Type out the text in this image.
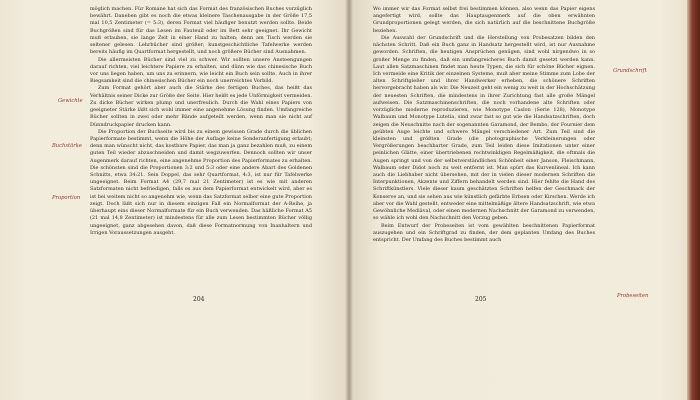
möglich machen. Für Romane hat sich das Format des französischen Buches vorzüglich bewährt. Daneben gibt es noch die etwas kleinere Taschenausgabe in der Größe 17,5 mal 10,5 Zentimeter (= 5:3), deren Format viel häufiger benutzt werden sollte. Beide Buchgrößen sind für das Lesen im Fauteuil oder im Bett sehr geeignet. Ihr Gewicht muß erlauben, sie lange Zeit in einer Hand zu halten; denn am Tisch werden sie seltener gelesen. Lehrbücher sind größer; kunstgeschichtliche Tafelwerke werden bereits häufig im Quartformat hergestellt, und noch größere Bücher sind Ausnahmen.

Die allermeisten Bücher sind viel zu schwer. Wir sollten unsere Ansteengungen darauf richten, viel leichtere Papiere zu erhalten, und dünn wie das chinesische Buch vor uns liegen haben, um uns zu erinnern, wie leicht ein Buch sein sollte. Auch in ihrer Biegsamkeit sind die chinesischen Bücher ein noch unerreichtes Vorbild.

Zum Format gehört aber auch die Stärke des fertigen Buches, das heißt das Verhältnis seiner Dicke zur Größe der Seite. Hier heißt es jede Unförmigkeit vermeiden. Zu dicke Bücher wirken plump und unerfreulich. Durch die Wahl eines Papiers von geeigneter Stärke läßt sich wohl immer eine angenehme Lösung finden. Umfangreiche Bücher sollten in zwei oder mehr Bände aufgeteilt werden, wenn man sie nicht auf Dünndruckpapier drucken kann.

Die Proportion der Buchseite wird bis zu einem gewissen Grade durch die üblichen Papierformate bestimmt, wenn die Höhe der Auflage keine Sonderanfertigung erlaubt; denn man wünscht nicht, das kostbare Papier, das man ja ganz bezahlen muß, zu einem guten Teil wieder abzuschneiden und damit wegzuwerfen. Dennoch sollten wir unser Augenmerk darauf richten, eine angenehme Proportion des Papierformates zu erhalten. Die schönsten sind die Proportionen 3:2 und 5:3 oder eine andere Abart des Goldenen Schnitts, etwa 34:21. Sein Doppel, das sehr Quartformat, 4:3, ist nur für Tafelwerke ungeeignet. Beim Format A4 (29,7 mal 21 Zentimeter) ist es wie mit anderen Satzformaten nicht befriedigen, falls es aus dem Papierformat entwickelt wird, aber es ist bei weitem nicht so angenehm wie, wenn das Satzformat selber eine gute Proportion zeigt. Doch läßt sich nur in diesem einzigen Fall ein Normalformat der A-Reihe, ja überhaupt eins dieser Normalformate für ein Buch verwenden. Das häßliche Format A5 (21 mal 14,8 Zentimeter) ist mindestens für alle zum Lesen bestimmten Bücher völlig ungeeignet, ganz abgesehen davon, daß diese Formatnormung von Inanhaltern und Irrigen Voraussetzungen ausgeht.

Gewichte
Buchstärke
Proportion
204

Wo immer wir das Format selbst frei bestimmen können, also wenn das Papier eigens angefertigt wird, sollte das Hauptaugenmerk auf die oben erwähnten Grundproportionen gelegt werden, die sich natürlich auf die beschnittene Buchgröße beziehen.

Die Auswahl der Grundschrift und die Herstellung von Probesatzen bilden den nächsten Schritt. Daß ein Buch ganz in Handsatz hergestellt wird, ist nur Ausnahme geworden. Schriften, die heutigen Ansprüchen genügen, sind wohl nirgendwo in so großer Menge zu finden, daß ein umfangreicheres Buch damit gesetzt werden kann. Laut allen Satzmaschinen findet man heute Typen, die sich für schöne Bücher eignen. Ich vermeide eine Kritik der einzelnen Systeme, muß aber meine Stimme zum Lobe der alten Schriftgießer und ihrer Handwerker erheben, die schönere Schriften hervorgebracht haben als wir. Die Neuzeit geht ein wenig zu weit in der Hochschätzung der neuesten Schriften, die mindestens in ihrer Zurichtung fast alle große Mängel aufweisen. Die Satzmaschinenschriften, die noch vorhandene alte Schriften oder vorzügliche moderne reproduzieren, wie Monotype Caslon (Serie 128), Monotype Walbaum und Monotype Lutetia, sind zwar fast so gut wie die Handsatzschriften, doch zeigen die Neuschnitte nach der sogenannten Garamond, der Bembo, der Fournier dem geübten Auge leichte und schwere Mängel verschiedener Art. Zum Teil sind die kleinsten und größten Grade (die photographische Verkleinerungen oder Vergrößerungen beachbarter Grade, zum Teil leiden diese Imitationen unter einer peinlichen Glätte, einer übertriebenen rechtwinkligen Regelmäßigkeit, die oftmals die Augen springt und von der selbstverständlichen Schönheit einer Janson, Fleischmann, Walbaum oder Didot noch zu weit entfernt ist. Man spürt das Kurvenlineal. Ich kann auch die Liebhaber nicht übersehen, mit der in vielen dieser modernen Schriften die Interpunktionen, Akzente und Ziffern behandelt werden sind. Hier fehlte die Hand des Schriftkünstlers. Viele dieser kaum geschätzten Schriften helfen der Geschmack der Konserve an, und sie sehen aus wie künstlich gefärbte Erbsen oder Kirschen. Werde ich aber vor die Wahl gestellt, entweder eine mittelmäßige ältere Handsatzschrift, wie etwa Gewöhnliche Mediäval, oder einen modernen Nachschnitt der Garamond zu verwenden, so wähle ich wohl den Nachschnitt den Vorzug geben.

Beim Entwurf der Probeseiten ist vom gewählten beschnittenen Papierformat auszugehen und ein Schriftgrad zu finden, der dem geplanten Umfang des Buches entspricht. Der Umfang des Buches bestimmt auch

Grundschrift
Probeseiten
205
